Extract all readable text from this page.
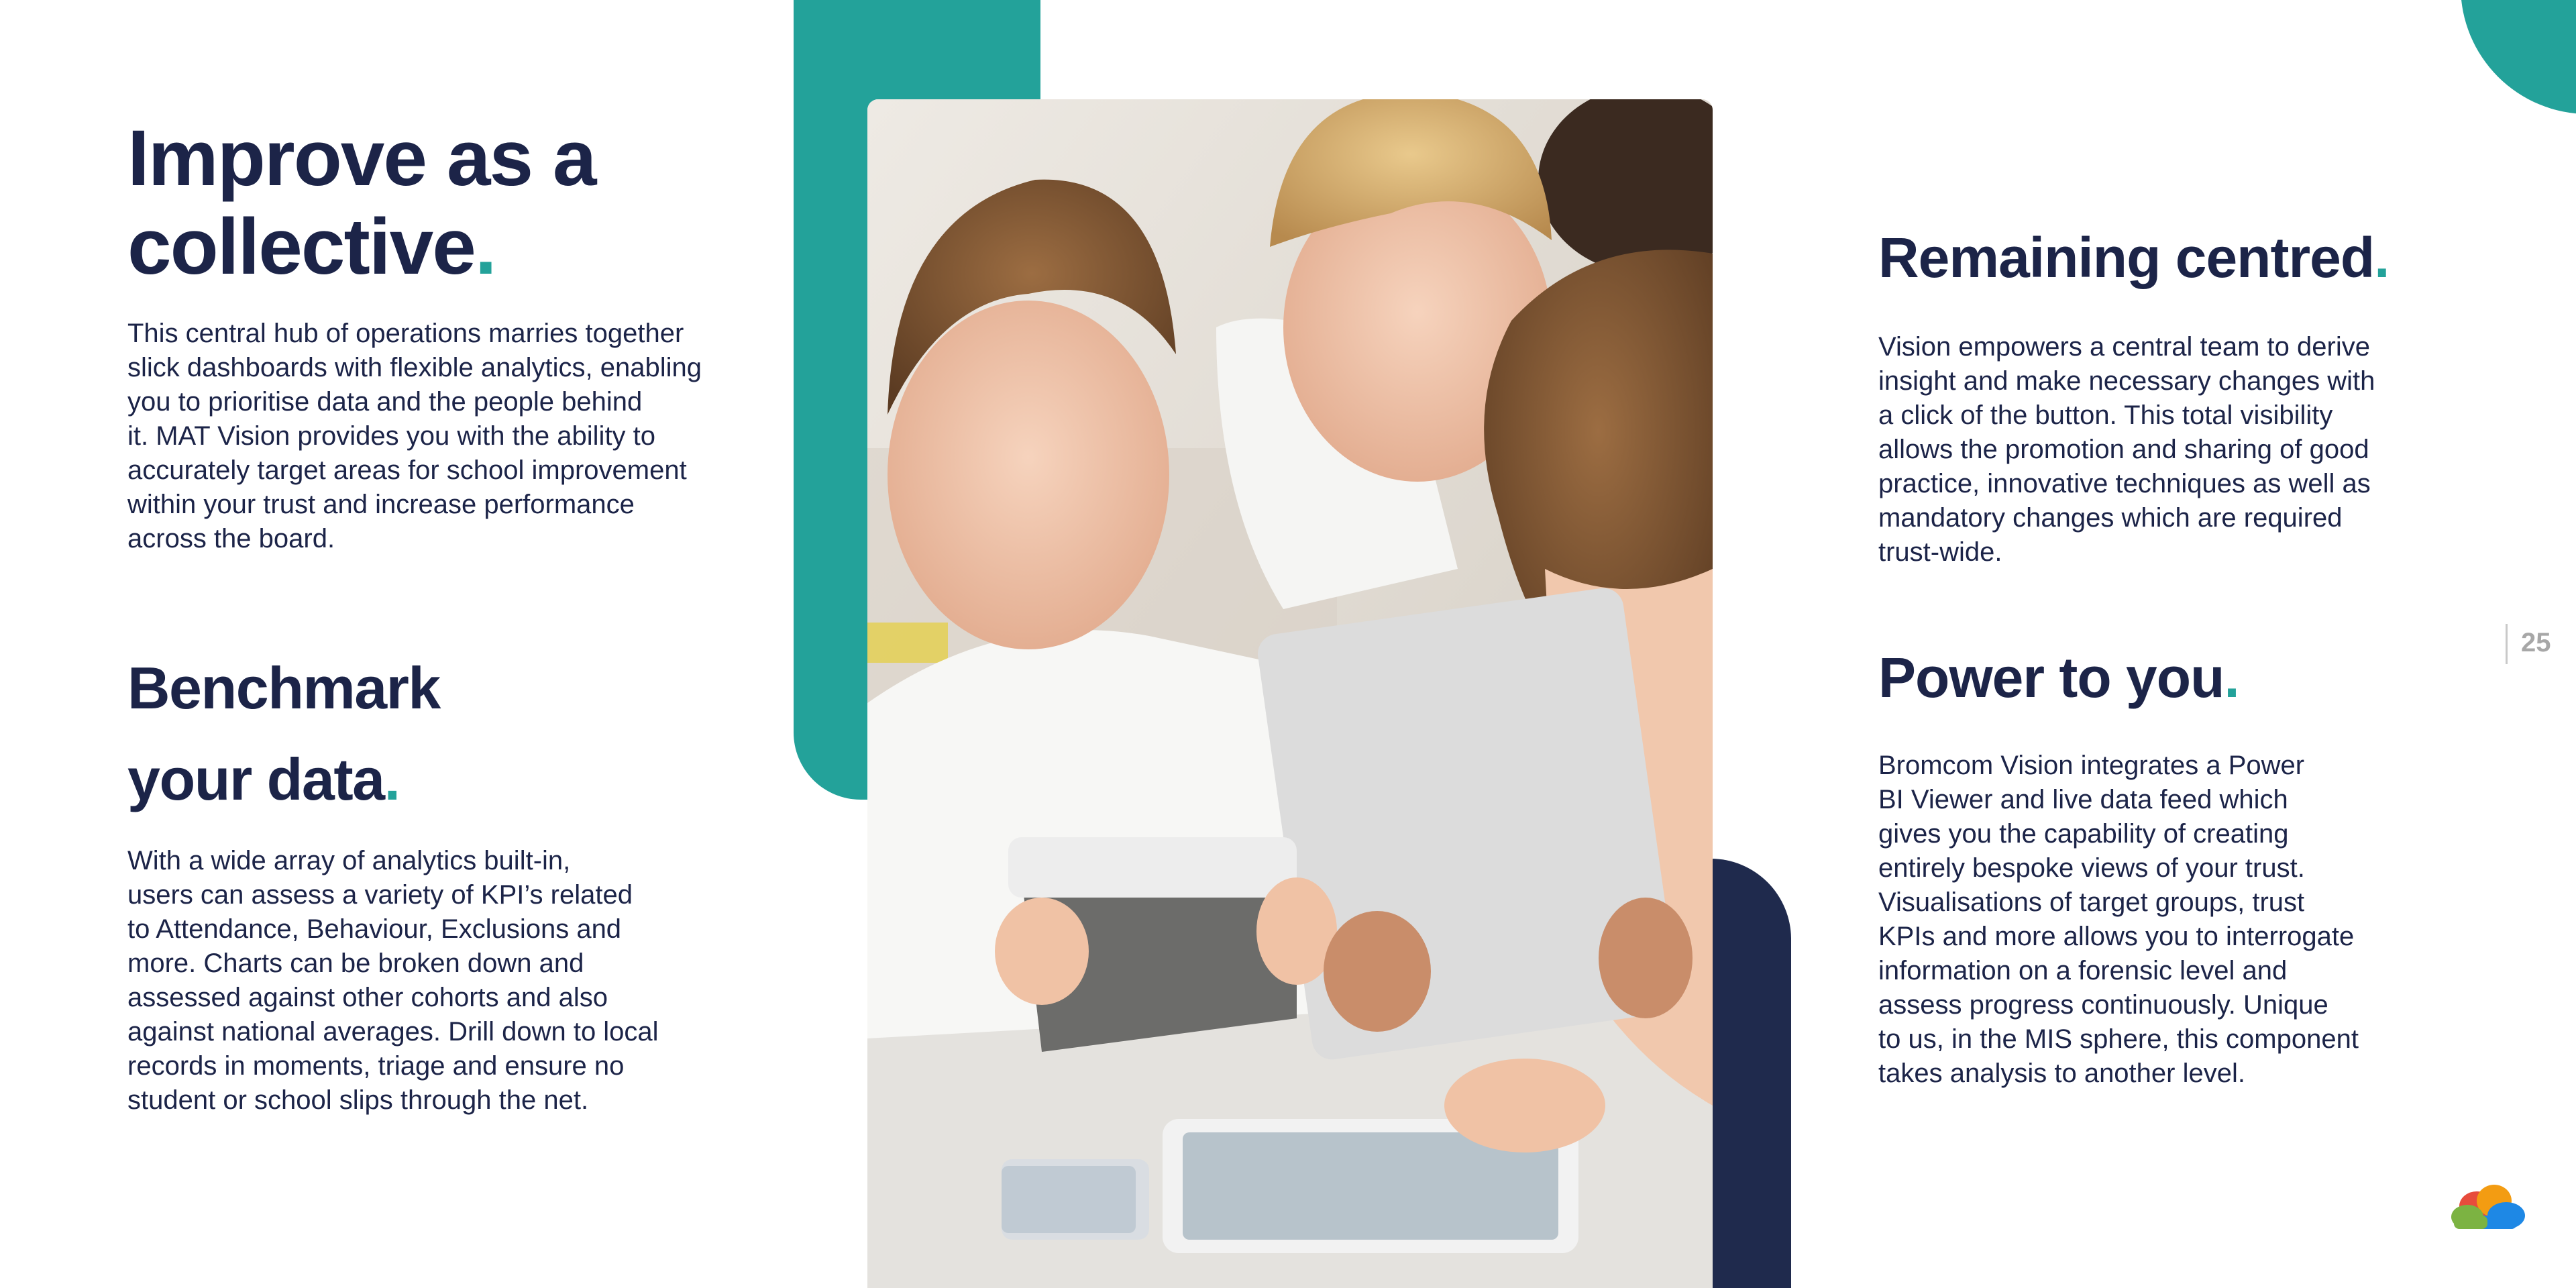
Improve as a
collective.

This central hub of operations marries together
slick dashboards with flexible analytics, enabling
you to prioritise data and the people behind
it. MAT Vision provides you with the ability to
accurately target areas for school improvement
within your trust and increase performance
across the board.

Benchmark
your data.

With a wide array of analytics built-in,
users can assess a variety of KPI’s related
to Attendance, Behaviour, Exclusions and
more. Charts can be broken down and
assessed against other cohorts and also
against national averages. Drill down to local
records in moments, triage and ensure no
student or school slips through the net.

Remaining centred.

Vision empowers a central team to derive
insight and make necessary changes with
a click of the button. This total visibility
allows the promotion and sharing of good
practice, innovative techniques as well as
mandatory changes which are required
trust-wide.

Power to you.

Bromcom Vision integrates a Power
BI Viewer and live data feed which
gives you the capability of creating
entirely bespoke views of your trust.
Visualisations of target groups, trust
KPIs and more allows you to interrogate
information on a forensic level and
assess progress continuously. Unique
to us, in the MIS sphere, this component
takes analysis to another level.

25
